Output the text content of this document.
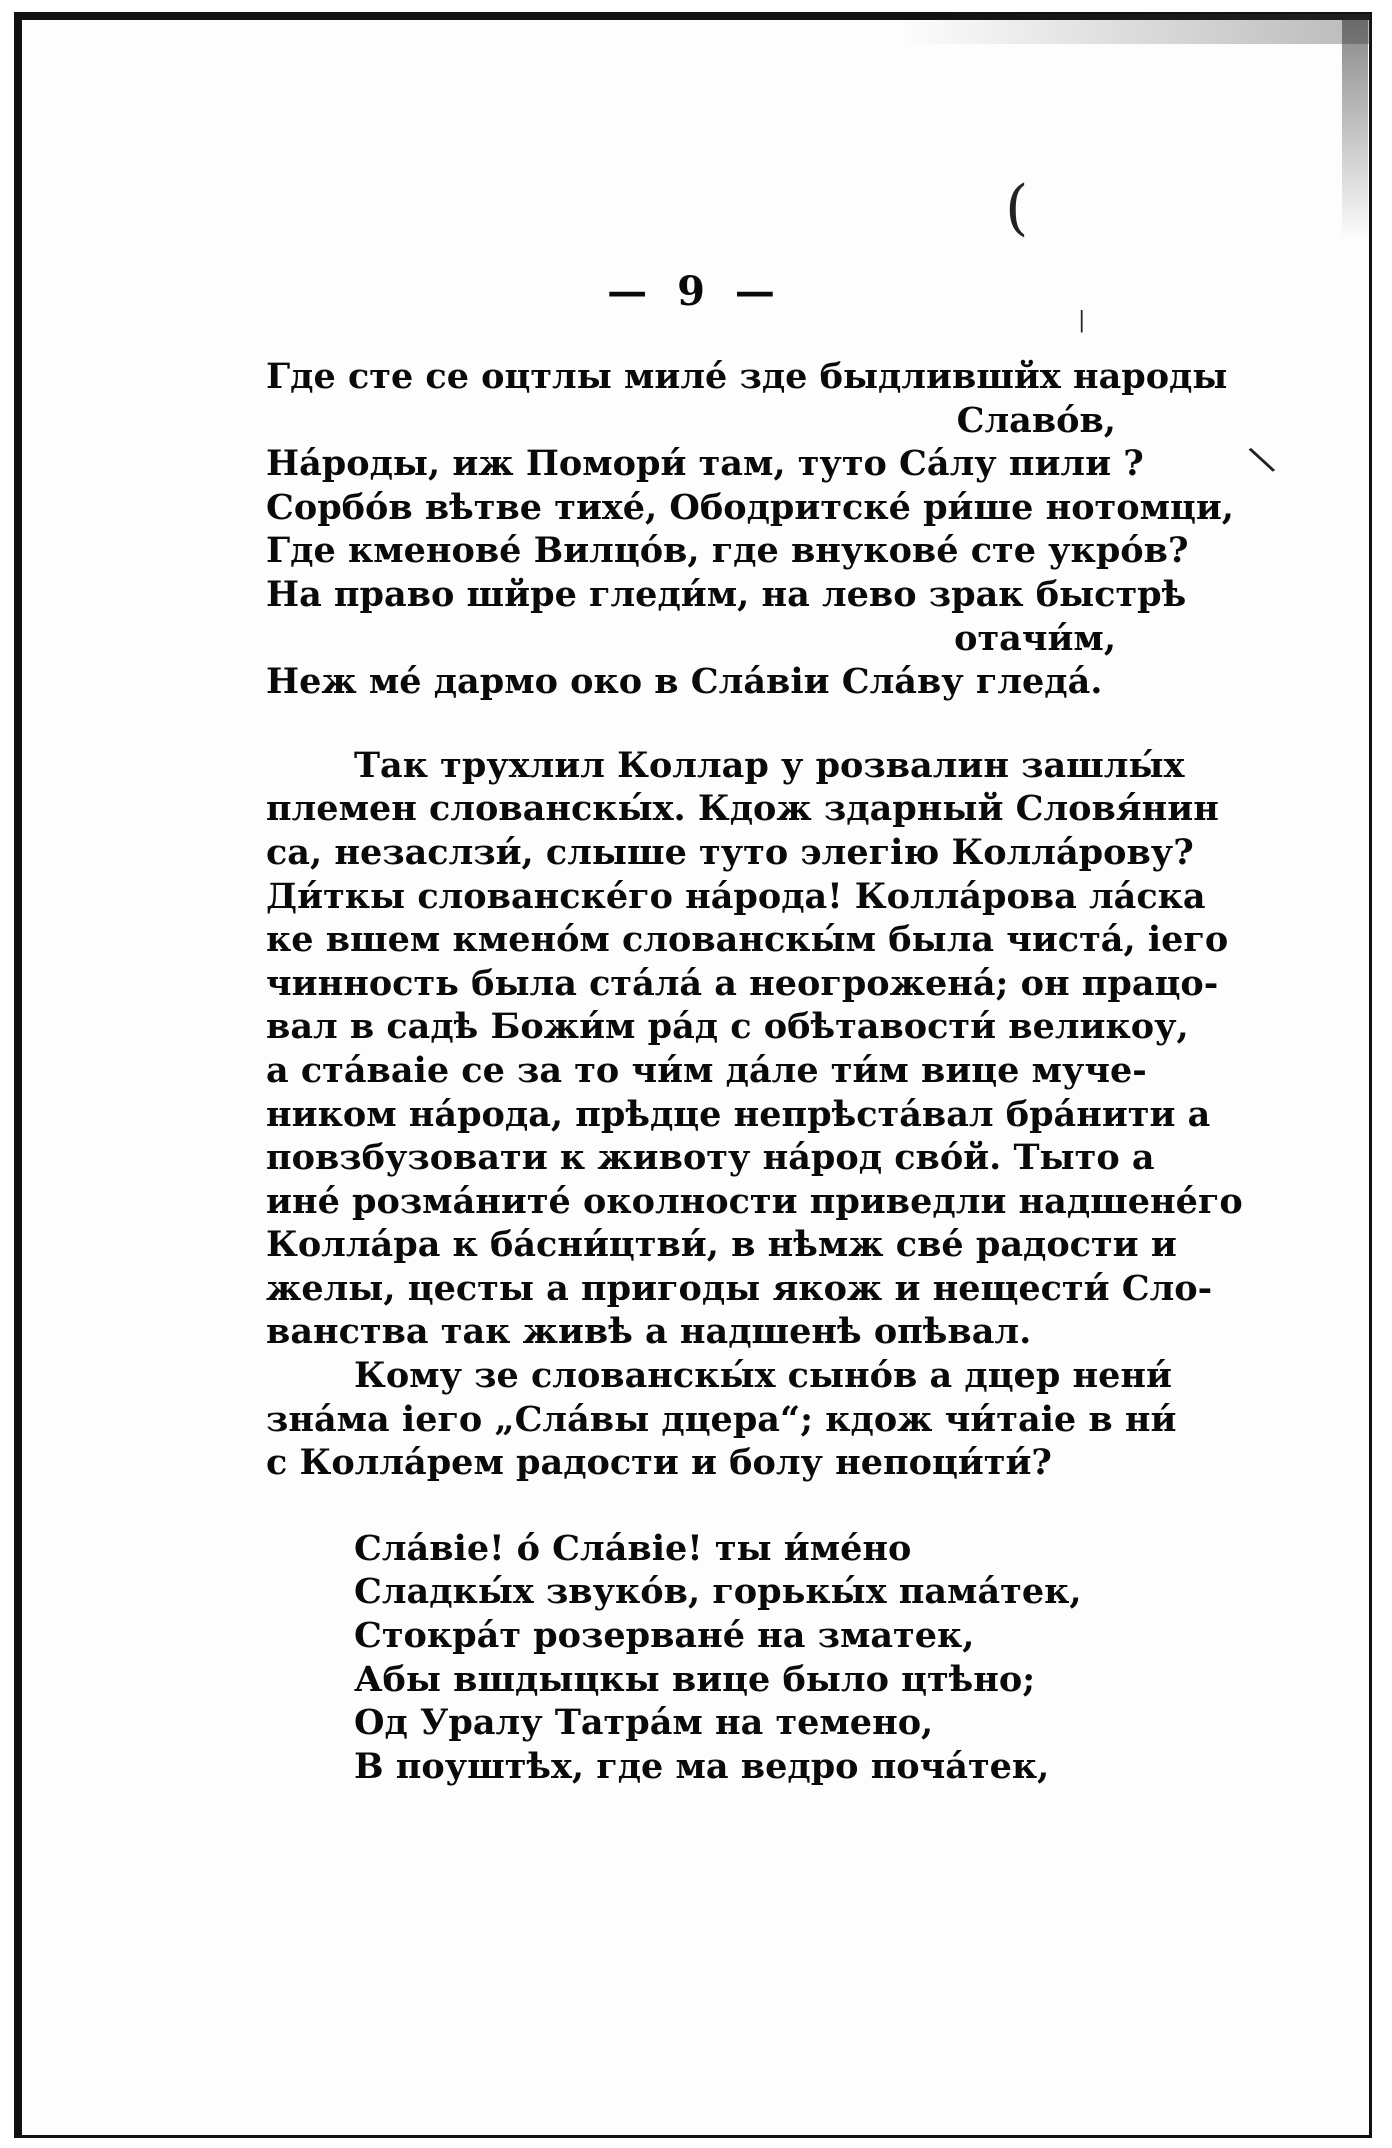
(
|
\
— 9 —
Где сте се оцтлы миле́ зде быдлившйх народы
Славо́в,
На́роды, иж Помори́ там, туто Са́лу пили ?
Сорбо́в вѣтве тихе́, Ободритске́ ри́ше нотомци,
Где кменове́ Вилцо́в, где внукове́ сте укро́в?
На право шйре гледи́м, на лево зрак быстрѣ
отачи́м,
Неж ме́ дармо око в Сла́віи Сла́ву гледа́.
Так трухлил Коллар у розвалин зашлы́х
племен слованскы́х. Кдож здарный Словя́нин
са, незаслзи́, слыше туто элегію Колла́рову?
Ди́ткы слованске́го на́рода! Колла́рова ла́ска
ке вшем кмено́м слованскы́м была чиста́, іего
чинность была ста́ла́ а неогрожена́; он працо-
вал в садѣ Божи́м ра́д с обѣтавости́ великоу,
а ста́ваіе се за то чи́м да́ле ти́м вице муче-
ником на́рода, прѣдце непрѣста́вал бра́нити а
повзбузовати к животу на́род сво́й. Тыто а
ине́ розма́ните́ околности приведли надшене́го
Колла́ра к ба́сни́цтви́, в нѣмж све́ радости и
желы, цесты а пригоды якож и нещести́ Сло-
ванства так живѣ а надшенѣ опѣвал.
Кому зе слованскы́х сыно́в а дцер нени́
зна́ма іего „Сла́вы дцера“; кдож чи́таіе в ни́
с Колла́рем радости и болу непоци́ти́?
Сла́віе! о́ Сла́віе! ты и́ме́но
Сладкы́х звуко́в, горькы́х пама́тек,
Стокра́т розерване́ на зматек,
Абы вшдыцкы вице было цтѣно;
Од Уралу Татра́м на темено,
В поуштѣх, где ма ведро поча́тек,
